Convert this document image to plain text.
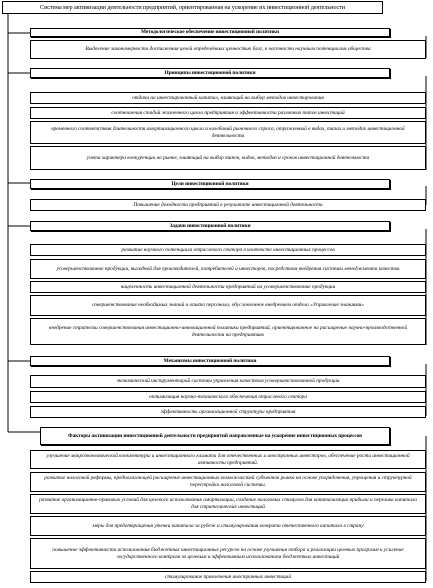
Система мер активизации деятельности предприятий, ориентированная на ускорение их инвестиционной деятельности
Методологическое обеспечение инвестиционной политики
Выделение закономерности достижения целей определённых ценностью благ, в частности научным потенциалом общества
Принципы инвестиционной политики
отдачи на инвестированный капитал, влияющий на выбор методов инвестирования
соотношения стадий жизненного цикла предприятия и эффективности различных типов инвестиций
временного соответствия длительности амортизационного цикла и колебаний рыночного спроса, отраженный в видах, типах и методах инвестиционной деятельности
учета характера конкуренции на рынке, влияющий на выбор типов, видов, методов и сроков инвестиционной деятельности
Цели инвестиционной политики
Повышение доходности предприятий в результате инвестиционной деятельности
Задачи инвестиционной политики
развитие научного потенциала отраслевого сектора в контексте инвестиционных процессов
усовершенствование продукции, выгодной для производителей, потребителей и инвесторов, посредством внедрения системы менеджмента качества
нацеленность инвестиционной деятельности предприятий на усовершенствование продукции
совершенствование необходимых знаний и опыта персонала, обусловленное внедрением отдела «Управление знаниями»
внедрение стратегии совершенствования инвестиционно-инновационной политики предприятий, ориентированное на расширение научно-производственной деятельности на предприятиях
Механизмы инвестиционной политики
экономический инструментарий системы управления качеством усовершенствованной продукции
оптимизация научно-технического обеспечения отраслевого сектора
эффективность организационной структуры предприятия
Факторы активизации инвестиционной деятельности предприятий направленные на ускорение инвестиционных процессов
улучшение макроэкономической конъюнктуры и инвестиционного климата для отечественных и иностранных инвесторов, обеспечение роста инвестиционной активности предприятий.
развитие налоговой реформы, предполагающей расширение инвестиционных возможностей субъектов рынка на основе упорядочения, упрощения и структурной перестройки налоговой системы.
развитие организационно-правовых условий для целевого использования амортизации, создание налоговых стимулов для капитализации прибыли и перелива капитала для стратегических инвестиций
меры для предотвращения утечки капитала за рубеж и стимулирования возврата отечественного капитала в страну
повышение эффективности использования бюджетных инвестиционных ресурсов на основе улучшения отбора и реализации целевых программ и усиление государственного контроля за целевым и эффективным использованием бюджетных инвестиций
стимулирование привлечения иностранных инвестиций
